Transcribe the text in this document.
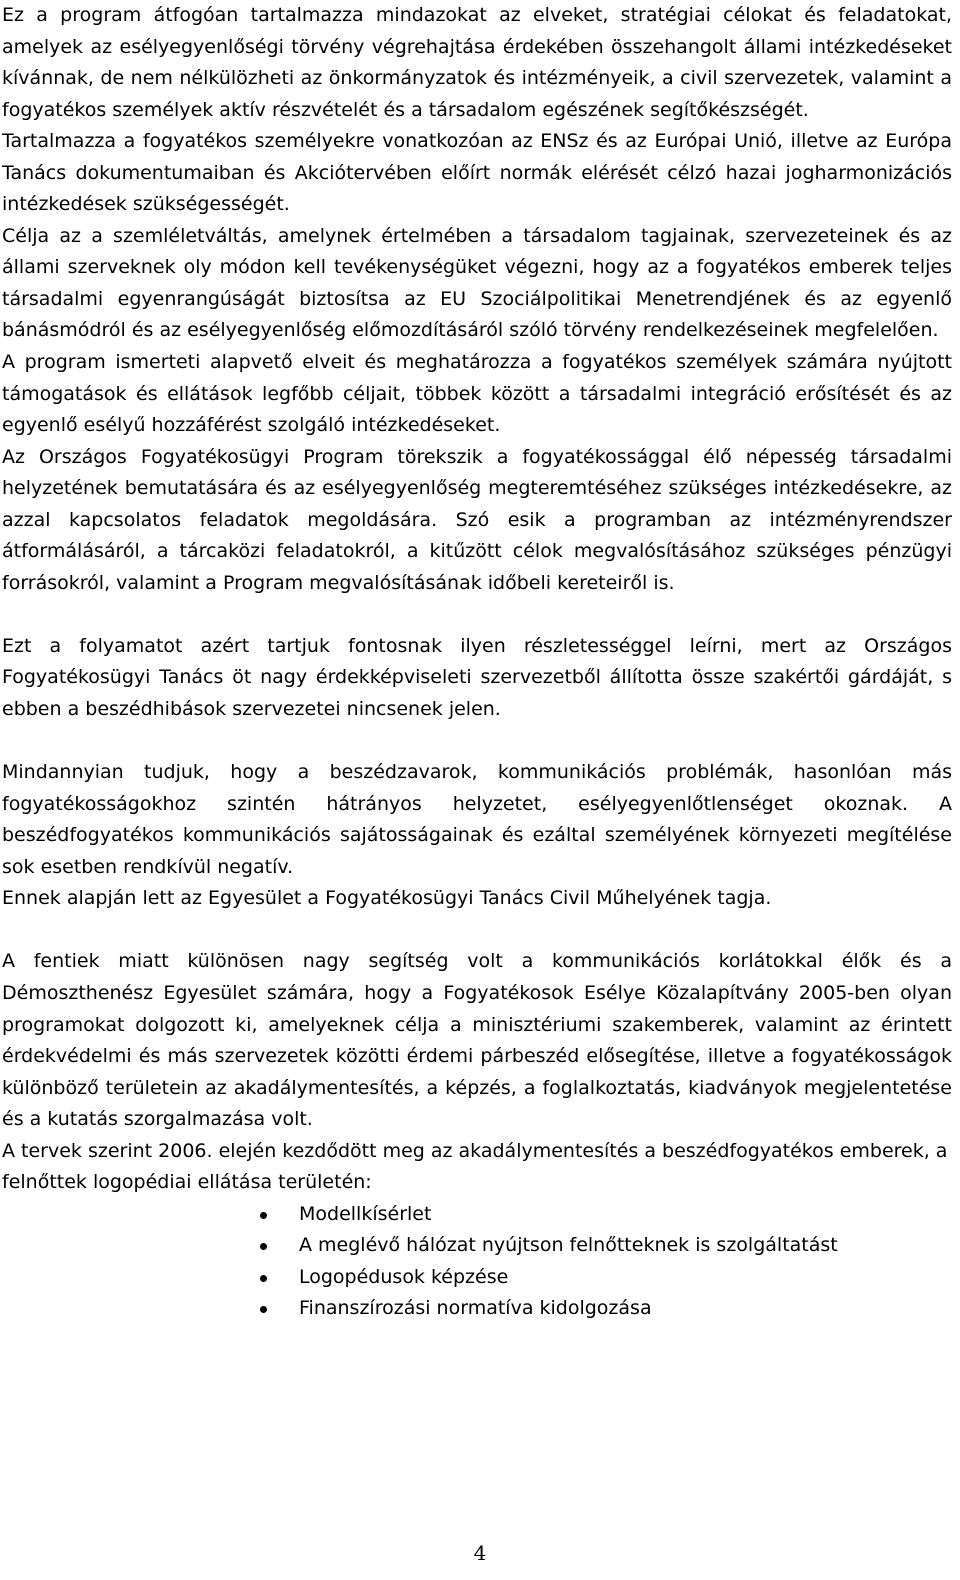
Ez a program átfogóan tartalmazza mindazokat az elveket, stratégiai célokat és feladatokat, amelyek az esélyegyenlőségi törvény végrehajtása érdekében összehangolt állami intézkedéseket kívánnak, de nem nélkülözheti az önkormányzatok és intézményeik, a civil szervezetek, valamint a fogyatékos személyek aktív részvételét és a társadalom egészének segítőkészségét.

Tartalmazza a fogyatékos személyekre vonatkozóan az ENSz és az Európai Unió, illetve az Európa Tanács dokumentumaiban és Akciótervében előírt normák elérését célzó hazai jogharmonizációs intézkedések szükségességét.

Célja az a szemléletváltás, amelynek értelmében a társadalom tagjainak, szervezeteinek és az állami szerveknek oly módon kell tevékenységüket végezni, hogy az a fogyatékos emberek teljes társadalmi egyenrangúságát biztosítsa az EU Szociálpolitikai Menetrendjének és az egyenlő bánásmódról és az esélyegyenlőség előmozdításáról szóló törvény rendelkezéseinek megfelelően.

A program ismerteti alapvető elveit és meghatározza a fogyatékos személyek számára nyújtott támogatások és ellátások legfőbb céljait, többek között a társadalmi integráció erősítését és az egyenlő esélyű hozzáférést szolgáló intézkedéseket.

Az Országos Fogyatékosügyi Program törekszik a fogyatékossággal élő népesség társadalmi helyzetének bemutatására és az esélyegyenlőség megteremtéséhez szükséges intézkedésekre, az azzal kapcsolatos feladatok megoldására. Szó esik a programban az intézményrendszer átformálásáról, a tárcaközi feladatokról, a kitűzött célok megvalósításához szükséges pénzügyi forrásokról, valamint a Program megvalósításának időbeli kereteiről is.

Ezt a folyamatot azért tartjuk fontosnak ilyen részletességgel leírni, mert az Országos Fogyatékosügyi Tanács öt nagy érdekképviseleti szervezetből állította össze szakértői gárdáját, s ebben a beszédhibások szervezetei nincsenek jelen.

Mindannyian tudjuk, hogy a beszédzavarok, kommunikációs problémák, hasonlóan más fogyatékosságokhoz szintén hátrányos helyzetet, esélyegyenlőtlenséget okoznak. A beszédfogyatékos kommunikációs sajátosságainak és ezáltal személyének környezeti megítélése sok esetben rendkívül negatív.

Ennek alapján lett az Egyesület a Fogyatékosügyi Tanács Civil Műhelyének tagja.

A fentiek miatt különösen nagy segítség volt a kommunikációs korlátokkal élők és a Démoszthenész Egyesület számára, hogy a Fogyatékosok Esélye Közalapítvány 2005-ben olyan programokat dolgozott ki, amelyeknek célja a minisztériumi szakemberek, valamint az érintett érdekvédelmi és más szervezetek közötti érdemi párbeszéd elősegítése, illetve a fogyatékosságok különböző területein az akadálymentesítés, a képzés, a foglalkoztatás, kiadványok megjelentetése és a kutatás szorgalmazása volt.

A tervek szerint 2006. elején kezdődött meg az akadálymentesítés a beszédfogyatékos emberek, a felnőttek logopédiai ellátása területén:

Modellkísérlet
A meglévő hálózat nyújtson felnőtteknek is szolgáltatást
Logopédusok képzése
Finanszírozási normatíva kidolgozása
4
